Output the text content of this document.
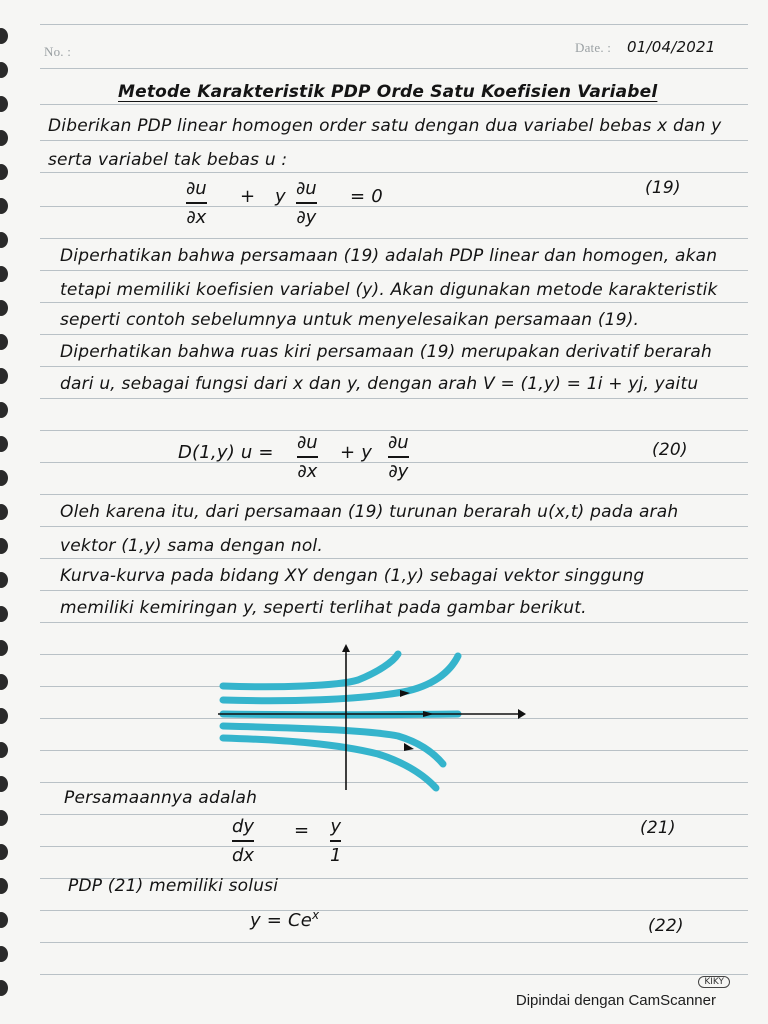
No. :	Date. : 01/04/2021
Metode Karakteristik PDP Orde Satu Koefisien Variabel
Diberikan PDP linear homogen order satu dengan dua variabel bebas x dan y
serta variabel tak bebas u :
∂u
∂x
+ y ∂u
∂y
= 0	(19)
Diperhatikan bahwa persamaan (19) adalah PDP linear dan homogen, akan
tetapi memiliki koefisien variabel (y). Akan digunakan metode karakteristik
seperti contoh sebelumnya untuk menyelesaikan persamaan (19).
Diperhatikan bahwa ruas kiri persamaan (19) merupakan derivatif berarah
dari u, sebagai fungsi dari x dan y, dengan arah V = (1,y) = 1i + yj, yaitu
D(1,y) u = ∂u
∂x
+ y ∂u
∂y
(20)
Oleh karena itu, dari persamaan (19) turunan berarah u(x,t) pada arah
vektor (1,y) sama dengan nol.
Kurva-kurva pada bidang XY dengan (1,y) sebagai vektor singgung
memiliki kemiringan y, seperti terlihat pada gambar berikut.
Persamaannya adalah
dy
dx
= y
1
(21)
PDP (21) memiliki solusi
$y = Ce^x$
(22)
KIKY
Dipindai dengan CamScanner
